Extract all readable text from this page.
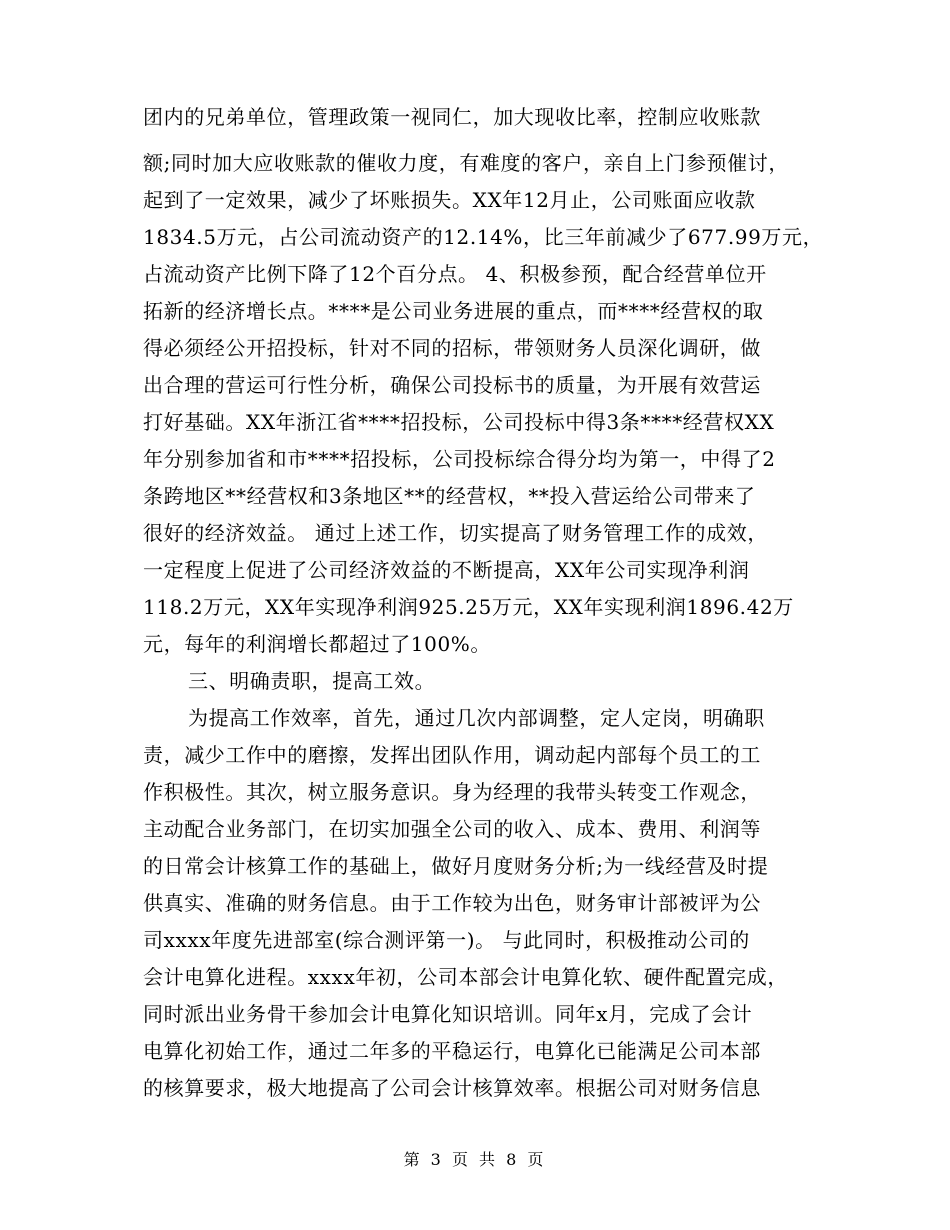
团内的兄弟单位，管理政策一视同仁，加大现收比率，控制应收账款
额;同时加大应收账款的催收力度，有难度的客户，亲自上门参预催讨，
起到了一定效果，减少了坏账损失。XX年12月止，公司账面应收款
1834.5万元，占公司流动资产的12.14%，比三年前减少了677.99万元，
占流动资产比例下降了12个百分点。 4、积极参预，配合经营单位开
拓新的经济增长点。****是公司业务进展的重点，而****经营权的取
得必须经公开招投标，针对不同的招标，带领财务人员深化调研，做
出合理的营运可行性分析，确保公司投标书的质量，为开展有效营运
打好基础。XX年浙江省****招投标，公司投标中得3条****经营权XX
年分别参加省和市****招投标，公司投标综合得分均为第一，中得了2
条跨地区**经营权和3条地区**的经营权，**投入营运给公司带来了
很好的经济效益。 通过上述工作，切实提高了财务管理工作的成效，
一定程度上促进了公司经济效益的不断提高，XX年公司实现净利润
118.2万元，XX年实现净利润925.25万元，XX年实现利润1896.42万
元，每年的利润增长都超过了100%。
三、明确责职，提高工效。
为提高工作效率，首先，通过几次内部调整，定人定岗，明确职
责，减少工作中的磨擦，发挥出团队作用，调动起内部每个员工的工
作积极性。其次，树立服务意识。身为经理的我带头转变工作观念，
主动配合业务部门，在切实加强全公司的收入、成本、费用、利润等
的日常会计核算工作的基础上，做好月度财务分析;为一线经营及时提
供真实、准确的财务信息。由于工作较为出色，财务审计部被评为公
司xxxx年度先进部室(综合测评第一)。 与此同时，积极推动公司的
会计电算化进程。xxxx年初，公司本部会计电算化软、硬件配置完成，
同时派出业务骨干参加会计电算化知识培训。同年x月，完成了会计
电算化初始工作，通过二年多的平稳运行，电算化已能满足公司本部
的核算要求，极大地提高了公司会计核算效率。根据公司对财务信息
第 3 页 共 8 页
